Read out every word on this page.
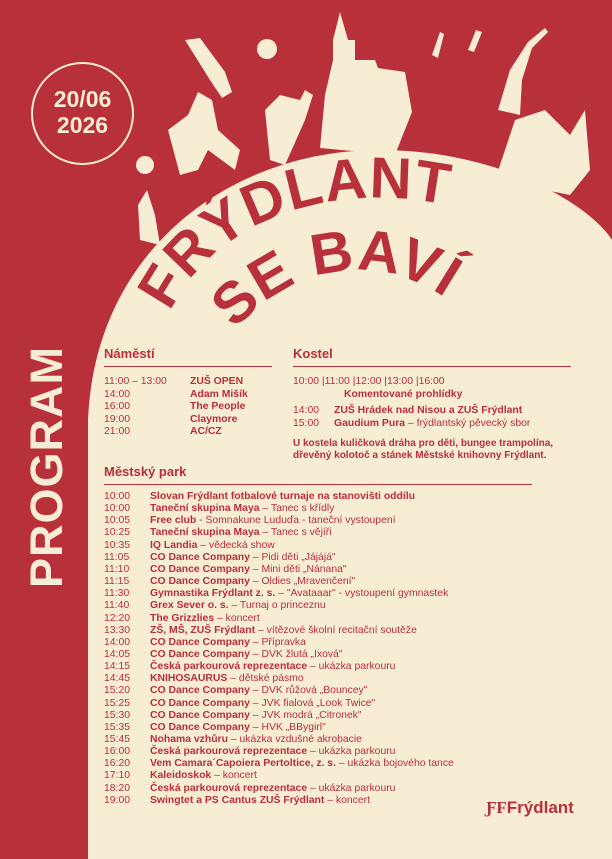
20/06
2026
FRÝDLANT
SE BAVÍ
PROGRAM Náměstí
11:00 – 13:00 ZUŠ OPEN
14:00	Adam Mišík
16:00	The People
19:00	Claymore
21:00	AC/CZ
Kostel
10:00 |11:00 |12:00 |13:00 |16:00
Komentované prohlídky
14:00 ZUŠ Hrádek nad Nisou a ZUŠ Frýdlant
15:00 Gaudium Pura – frýdlantský pěvecký sbor
U kostela kuličková dráha pro děti, bungee trampolína, dřevěný kolotoč a stánek Městské knihovny Frýdlant.
Městský park
10:00 Slovan Frýdlant fotbalové turnaje na stanovišti oddílu
10:00 Taneční skupina Maya – Tanec s křídly
10:05 Free club - Somnakune Luduďa - taneční vystoupení
10:25 Taneční skupina Maya – Tanec s vějíři
10:35 IQ Landia – vědecká show
11:05 CO Dance Company – Pidi děti „Jájájá"
11:10 CO Dance Company – Mini děti „Nánana"
11:15 CO Dance Company – Oldies „Mravenčení"
11:30 Gymnastika Frýdlant z. s. – "Avataaar" - vystoupení gymnastek
11:40 Grex Sever o. s. – Turnaj o princeznu
12:20 The Grizzlies – koncert
13:30 ZŠ, MŠ, ZUŠ Frýdlant – vítězové školní recitační soutěže
14:00 CO Dance Company – Přípravka
14:05 CO Dance Company – DVK žlutá „Ixová"
14:15 Česká parkourová reprezentace – ukázka parkouru
14:45 KNIHOSAURUS – dětské pásmo
15:20 CO Dance Company – DVK růžová „Bouncey"
15:25 CO Dance Company – JVK fialová „Look Twice"
15:30 CO Dance Company – JVK modrá „Citronek"
15:35 CO Dance Company – HVK „BBygirl"
15:45 Nohama vzhůru – ukázka vzdušné akrobacie
16:00 Česká parkourová reprezentace – ukázka parkouru
16:20 Vem Camara´Capoiera Pertoltice, z. s. – ukázka bojového tance
17:10 Kaleidoskok – koncert
18:20 Česká parkourová reprezentace – ukázka parkouru
19:00 Swingtet a PS Cantus ZUŠ Frýdlant – koncert	ƑFFrýdlant
